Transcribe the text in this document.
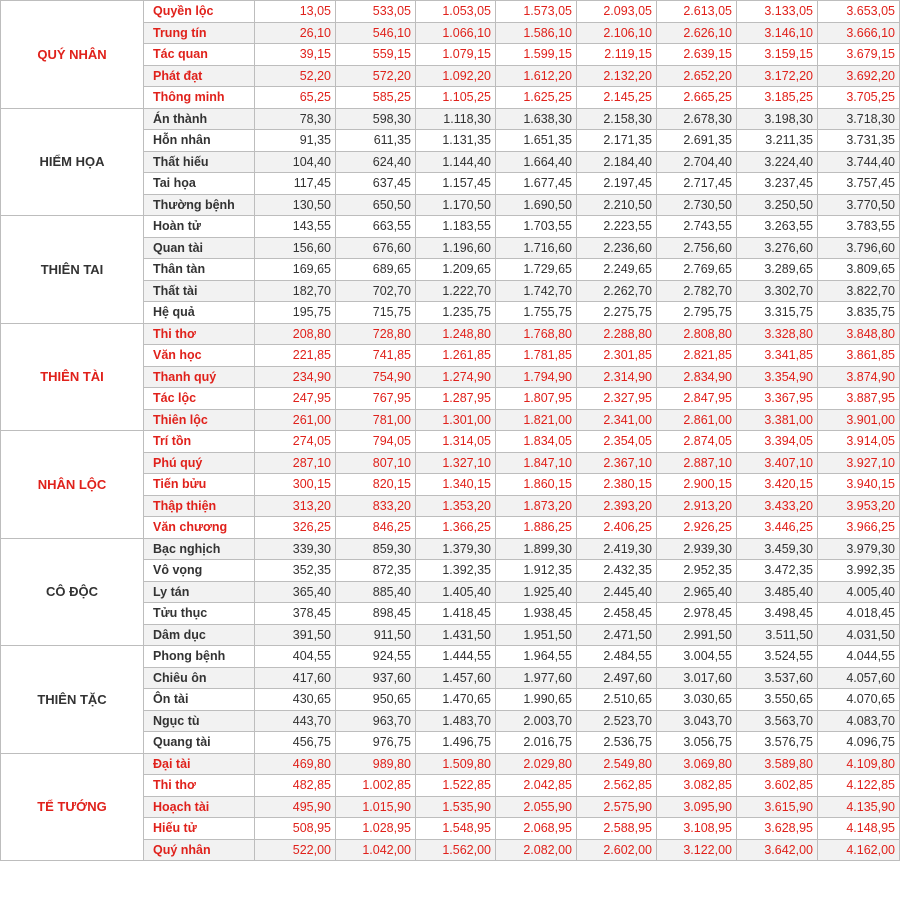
QUÝ NHÂN	Quyền lộc	13,05	533,05	1.053,05	1.573,05	2.093,05	2.613,05	3.133,05	3.653,05
	Trung tín	26,10	546,10	1.066,10	1.586,10	2.106,10	2.626,10	3.146,10	3.666,10
	Tác quan	39,15	559,15	1.079,15	1.599,15	2.119,15	2.639,15	3.159,15	3.679,15
	Phát đạt	52,20	572,20	1.092,20	1.612,20	2.132,20	2.652,20	3.172,20	3.692,20
	Thông minh	65,25	585,25	1.105,25	1.625,25	2.145,25	2.665,25	3.185,25	3.705,25
HIỂM HỌA	Án thành	78,30	598,30	1.118,30	1.638,30	2.158,30	2.678,30	3.198,30	3.718,30
	Hỗn nhân	91,35	611,35	1.131,35	1.651,35	2.171,35	2.691,35	3.211,35	3.731,35
	Thất hiếu	104,40	624,40	1.144,40	1.664,40	2.184,40	2.704,40	3.224,40	3.744,40
	Tai họa	117,45	637,45	1.157,45	1.677,45	2.197,45	2.717,45	3.237,45	3.757,45
	Thường bệnh	130,50	650,50	1.170,50	1.690,50	2.210,50	2.730,50	3.250,50	3.770,50
THIÊN TAI	Hoàn tử	143,55	663,55	1.183,55	1.703,55	2.223,55	2.743,55	3.263,55	3.783,55
	Quan tài	156,60	676,60	1.196,60	1.716,60	2.236,60	2.756,60	3.276,60	3.796,60
	Thân tàn	169,65	689,65	1.209,65	1.729,65	2.249,65	2.769,65	3.289,65	3.809,65
	Thất tài	182,70	702,70	1.222,70	1.742,70	2.262,70	2.782,70	3.302,70	3.822,70
	Hệ quả	195,75	715,75	1.235,75	1.755,75	2.275,75	2.795,75	3.315,75	3.835,75
THIÊN TÀI	Thi thơ	208,80	728,80	1.248,80	1.768,80	2.288,80	2.808,80	3.328,80	3.848,80
	Văn học	221,85	741,85	1.261,85	1.781,85	2.301,85	2.821,85	3.341,85	3.861,85
	Thanh quý	234,90	754,90	1.274,90	1.794,90	2.314,90	2.834,90	3.354,90	3.874,90
	Tác lộc	247,95	767,95	1.287,95	1.807,95	2.327,95	2.847,95	3.367,95	3.887,95
	Thiên lộc	261,00	781,00	1.301,00	1.821,00	2.341,00	2.861,00	3.381,00	3.901,00
NHÂN LỘC	Trí tồn	274,05	794,05	1.314,05	1.834,05	2.354,05	2.874,05	3.394,05	3.914,05
	Phú quý	287,10	807,10	1.327,10	1.847,10	2.367,10	2.887,10	3.407,10	3.927,10
	Tiến bửu	300,15	820,15	1.340,15	1.860,15	2.380,15	2.900,15	3.420,15	3.940,15
	Thập thiện	313,20	833,20	1.353,20	1.873,20	2.393,20	2.913,20	3.433,20	3.953,20
	Văn chương	326,25	846,25	1.366,25	1.886,25	2.406,25	2.926,25	3.446,25	3.966,25
CÔ ĐỘC	Bạc nghịch	339,30	859,30	1.379,30	1.899,30	2.419,30	2.939,30	3.459,30	3.979,30
	Vô vọng	352,35	872,35	1.392,35	1.912,35	2.432,35	2.952,35	3.472,35	3.992,35
	Ly tán	365,40	885,40	1.405,40	1.925,40	2.445,40	2.965,40	3.485,40	4.005,40
	Tửu thục	378,45	898,45	1.418,45	1.938,45	2.458,45	2.978,45	3.498,45	4.018,45
	Dâm dục	391,50	911,50	1.431,50	1.951,50	2.471,50	2.991,50	3.511,50	4.031,50
THIÊN TẶC	Phong bệnh	404,55	924,55	1.444,55	1.964,55	2.484,55	3.004,55	3.524,55	4.044,55
	Chiêu ôn	417,60	937,60	1.457,60	1.977,60	2.497,60	3.017,60	3.537,60	4.057,60
	Ôn tài	430,65	950,65	1.470,65	1.990,65	2.510,65	3.030,65	3.550,65	4.070,65
	Ngục tù	443,70	963,70	1.483,70	2.003,70	2.523,70	3.043,70	3.563,70	4.083,70
	Quang tài	456,75	976,75	1.496,75	2.016,75	2.536,75	3.056,75	3.576,75	4.096,75
TỂ TƯỚNG	Đại tài	469,80	989,80	1.509,80	2.029,80	2.549,80	3.069,80	3.589,80	4.109,80
	Thi thơ	482,85	1.002,85	1.522,85	2.042,85	2.562,85	3.082,85	3.602,85	4.122,85
	Hoạch tài	495,90	1.015,90	1.535,90	2.055,90	2.575,90	3.095,90	3.615,90	4.135,90
	Hiếu tử	508,95	1.028,95	1.548,95	2.068,95	2.588,95	3.108,95	3.628,95	4.148,95
	Quý nhân	522,00	1.042,00	1.562,00	2.082,00	2.602,00	3.122,00	3.642,00	4.162,00
